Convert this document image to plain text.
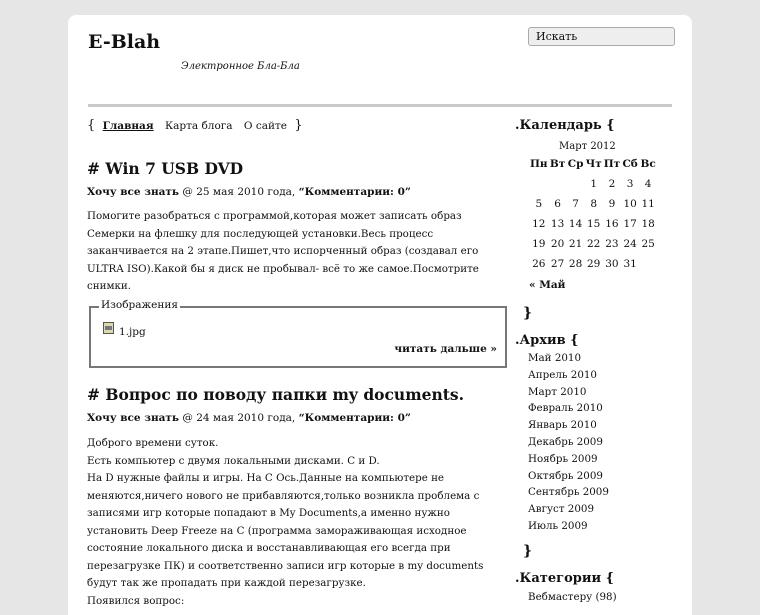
E-Blah
Электронное Бла-Бла
Искать
{ Главная Карта блога О сайте }
# Win 7 USB DVD
Хочу все знать @ 25 мая 2010 года, “Комментарии: 0”

Помогите разобраться с программой,которая может записать образ Семерки на флешку для последующей установки.Весь процесс заканчивается на 2 этапе.Пишет,что испорченный образ (создавал его ULTRA ISO).Какой бы я диск не пробывал- всё то же самое.Посмотрите снимки.

Изображения
1.jpg
читать дальше »
# Вопрос по поводу папки my documents.
Хочу все знать @ 24 мая 2010 года, “Комментарии: 0”

Доброго времени суток.

Есть компьютер с двумя локальными дисками. C и D.

На D нужные файлы и игры. На C Ось.Данные на компьютере не меняются,ничего нового не прибавляются,только возникла проблема с записями игр которые попадают в My Documents,а именно нужно установить Deep Freeze на C (программа замораживающая исходное состояние локального диска и восстанавливающая его всегда при перезагрузке ПК) и соответственно записи игр которые в my documents будут так же пропадать при каждой перезагрузке.

Появился вопрос:

.Календарь {
Март 2012
Пн	Вт	Ср	Чт	Пт	Сб	Вс
			1	2	3	4
5	6	7	8	9	10	11
12	13	14	15	16	17	18
19	20	21	22	23	24	25
26	27	28	29	30	31	
« Май
}
.Архив {
Май 2010
Апрель 2010
Март 2010
Февраль 2010
Январь 2010
Декабрь 2009
Ноябрь 2009
Октябрь 2009
Сентябрь 2009
Август 2009
Июль 2009
}
.Категории {
Вебмастеру (98)
